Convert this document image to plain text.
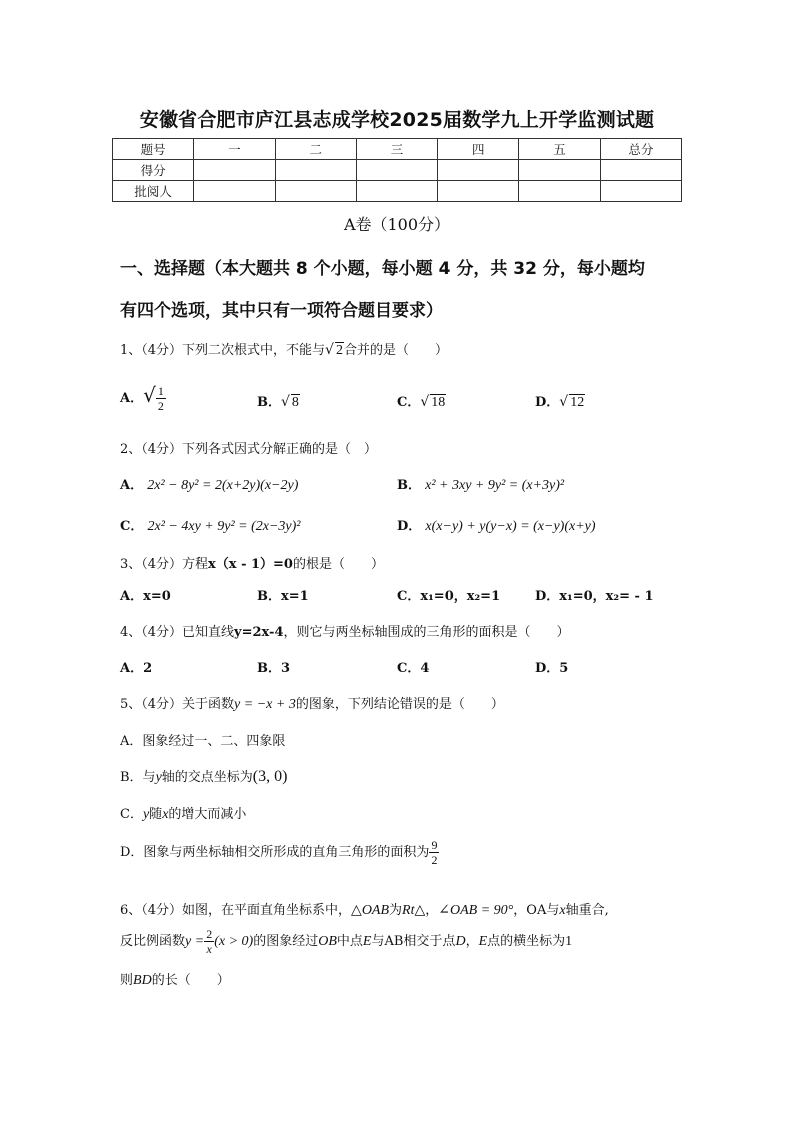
安徽省合肥市庐江县志成学校2025届数学九上开学监测试题
题号	一	二	三	四	五	总分
得分						
批阅人						
A卷（100分）
一、选择题（本大题共 8 个小题，每小题 4 分，共 32 分，每小题均
有四个选项，其中只有一项符合题目要求）
1、（4分）下列二次根式中，不能与√ 2合并的是（　　）
A．√ $\frac{1}{2}$	B．√ 8	C．√ 18	D．√ 12
2、（4分）下列各式因式分解正确的是（　）
A． 2x² − 8y² = 2(x+2y)(x−2y)	B． x² + 3xy + 9y² = (x+3y)²
C． 2x² − 4xy + 9y² = (2x−3y)²	D． x(x−y) + y(y−x) = (x−y)(x+y)
3、（4分）方程x（x - 1）=0的根是（　　）
A．x=0	B．x=1	C．x₁=0，x₂=1	D．x₁=0，x₂= - 1
4、（4分）已知直线y=2x-4，则它与两坐标轴围成的三角形的面积是（　　）
A．2	B．3	C．4	D．5
5、（4分）关于函数y = −x + 3的图象，下列结论错误的是（　　）
A．图象经过一、二、四象限
B．与y轴的交点坐标为(3, 0)
C．y随x的增大而减小
D．图象与两坐标轴相交所形成的直角三角形的面积为 $\frac{9}{2}$
6、（4分）如图，在平面直角坐标系中，△OAB为Rt△，∠OAB = 90°，OA与x轴重合,
反比例函数$y = \frac{2}{x} (x > 0)$的图象经过OB中点E与AB相交于点D，E点的横坐标为1
则BD的长（　　）
